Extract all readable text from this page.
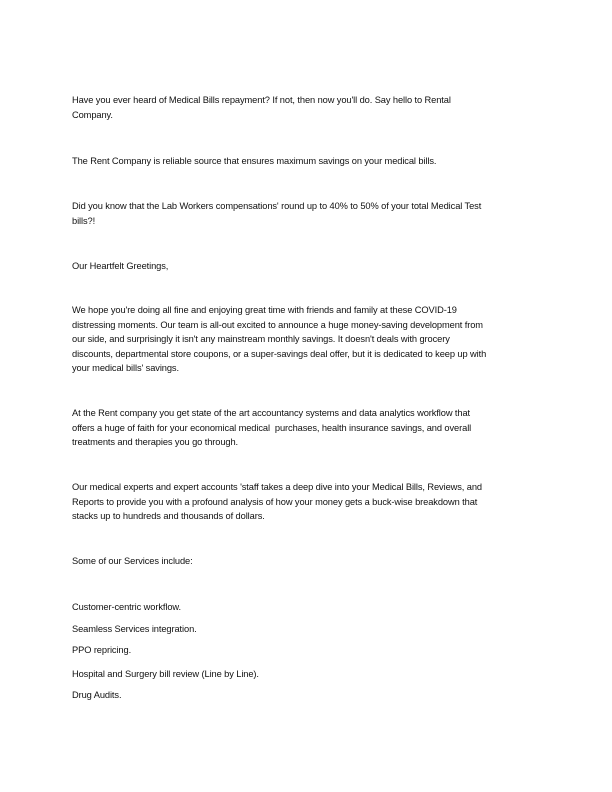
Have you ever heard of Medical Bills repayment? If not, then now you'll do. Say hello to Rental
Company.
The Rent Company is reliable source that ensures maximum savings on your medical bills.
Did you know that the Lab Workers compensations' round up to 40% to 50% of your total Medical Test
bills?!
Our Heartfelt Greetings,
We hope you're doing all fine and enjoying great time with friends and family at these COVID-19
distressing moments. Our team is all-out excited to announce a huge money-saving development from
our side, and surprisingly it isn't any mainstream monthly savings. It doesn't deals with grocery
discounts, departmental store coupons, or a super-savings deal offer, but it is dedicated to keep up with
your medical bills' savings.
At the Rent company you get state of the art accountancy systems and data analytics workflow that
offers a huge of faith for your economical medical  purchases, health insurance savings, and overall
treatments and therapies you go through.
Our medical experts and expert accounts 'staff takes a deep dive into your Medical Bills, Reviews, and
Reports to provide you with a profound analysis of how your money gets a buck-wise breakdown that
stacks up to hundreds and thousands of dollars.
Some of our Services include:
Customer-centric workflow.
Seamless Services integration.
PPO repricing.
Hospital and Surgery bill review (Line by Line).
Drug Audits.
